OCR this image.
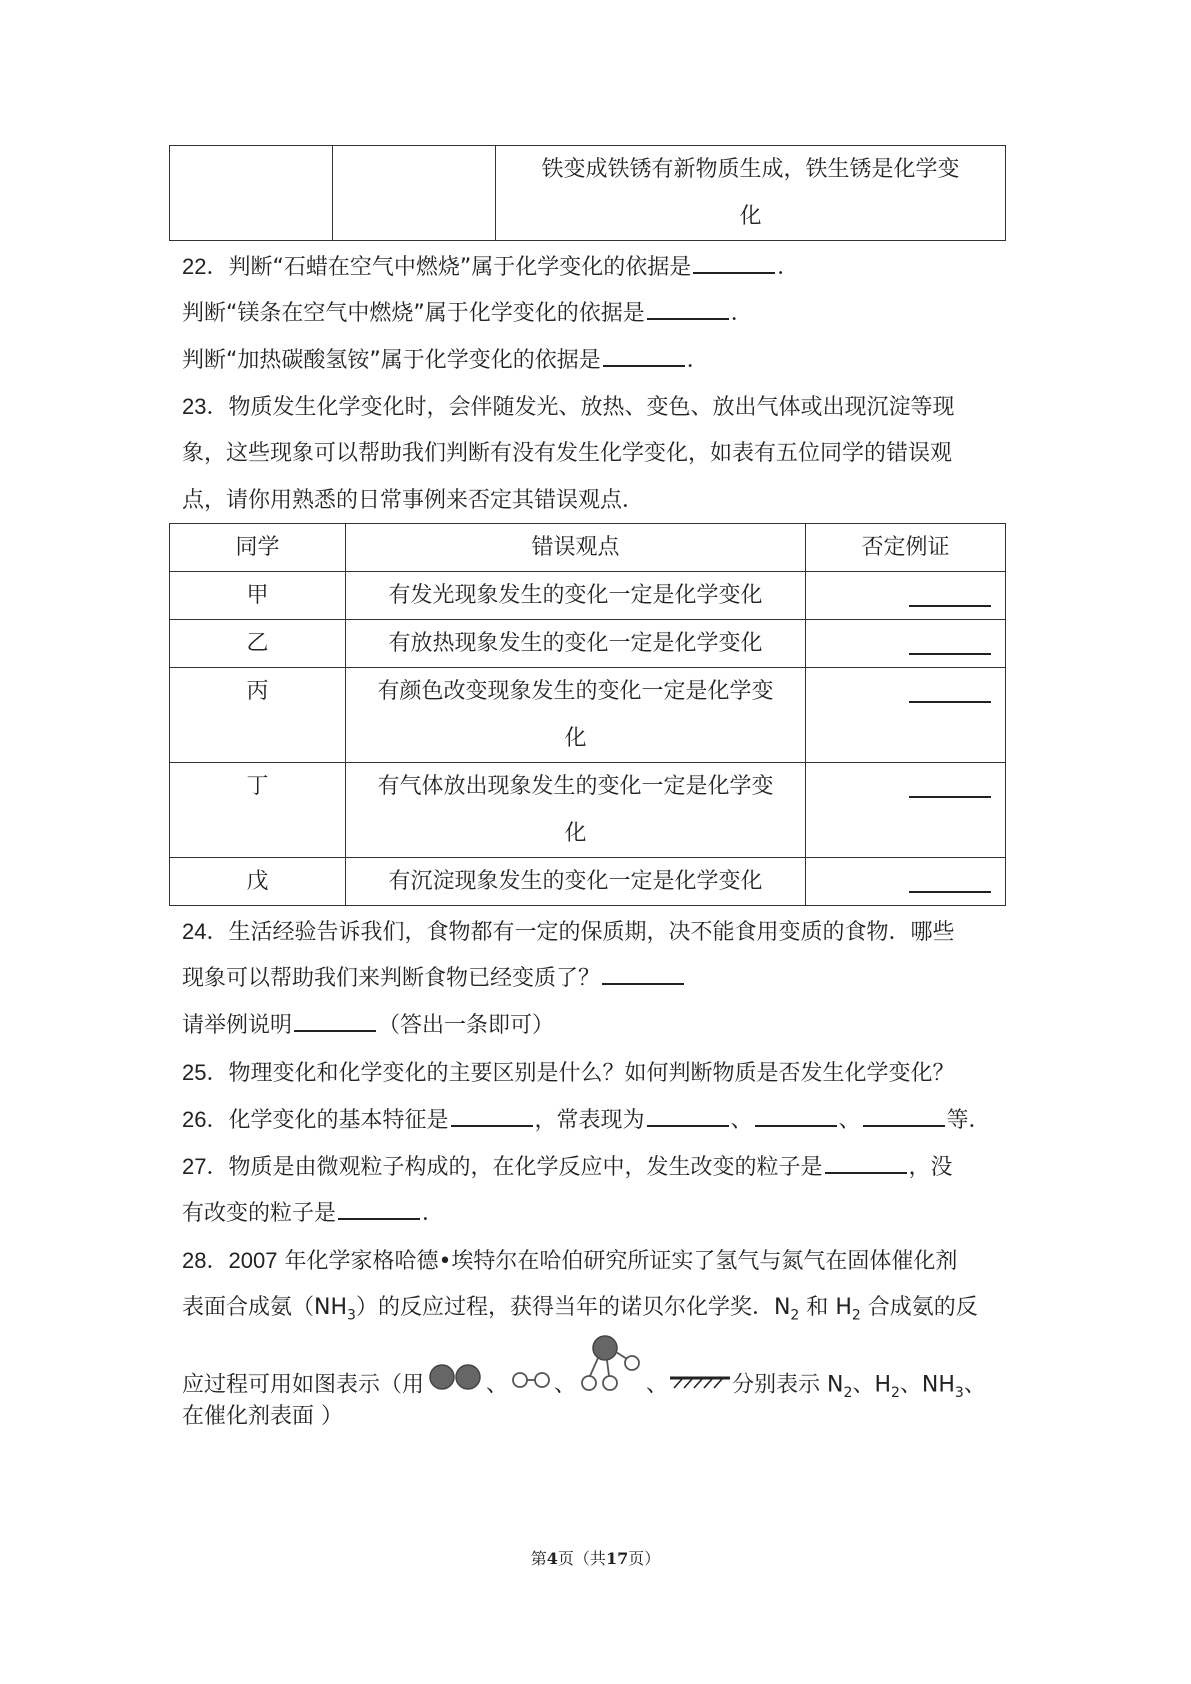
铁变成铁锈有新物质生成，铁生锈是化学变
化
22．判断“石蜡在空气中燃烧”属于化学变化的依据是	．
判断“镁条在空气中燃烧”属于化学变化的依据是	．
判断“加热碳酸氢铵”属于化学变化的依据是	．
23．物质发生化学变化时，会伴随发光、放热、变色、放出气体或出现沉淀等现
象，这些现象可以帮助我们判断有没有发生化学变化，如表有五位同学的错误观
点，请你用熟悉的日常事例来否定其错误观点．
同学	错误观点	否定例证
甲	有发光现象发生的变化一定是化学变化	

乙	有放热现象发生的变化一定是化学变化	

丙	有颜色改变现象发生的变化一定是化学变
化	

丁	有气体放出现象发生的变化一定是化学变
化	

戊	有沉淀现象发生的变化一定是化学变化	

24．生活经验告诉我们，食物都有一定的保质期，决不能食用变质的食物．哪些
现象可以帮助我们来判断食物已经变质了？
请举例说明	（答出一条即可）
25．物理变化和化学变化的主要区别是什么？如何判断物质是否发生化学变化？
26．化学变化的基本特征是	，常表现为	、	、	等．
27．物质是由微观粒子构成的，在化学反应中，发生改变的粒子是	，没
有改变的粒子是	．
28．2007 年化学家格哈德•埃特尔在哈伯研究所证实了氢气与氮气在固体催化剂
表面合成氨$(NH_3)$的反应过程，获得当年的诺贝尔化学奖．$N_2$ 和 $H_2$ 合成氨的反
应过程可用如图表示（用	、 、	、	分别表示 $N_2$、$H_2$、$NH_3$、
在催化剂表面 ）
第4页（共17页）
